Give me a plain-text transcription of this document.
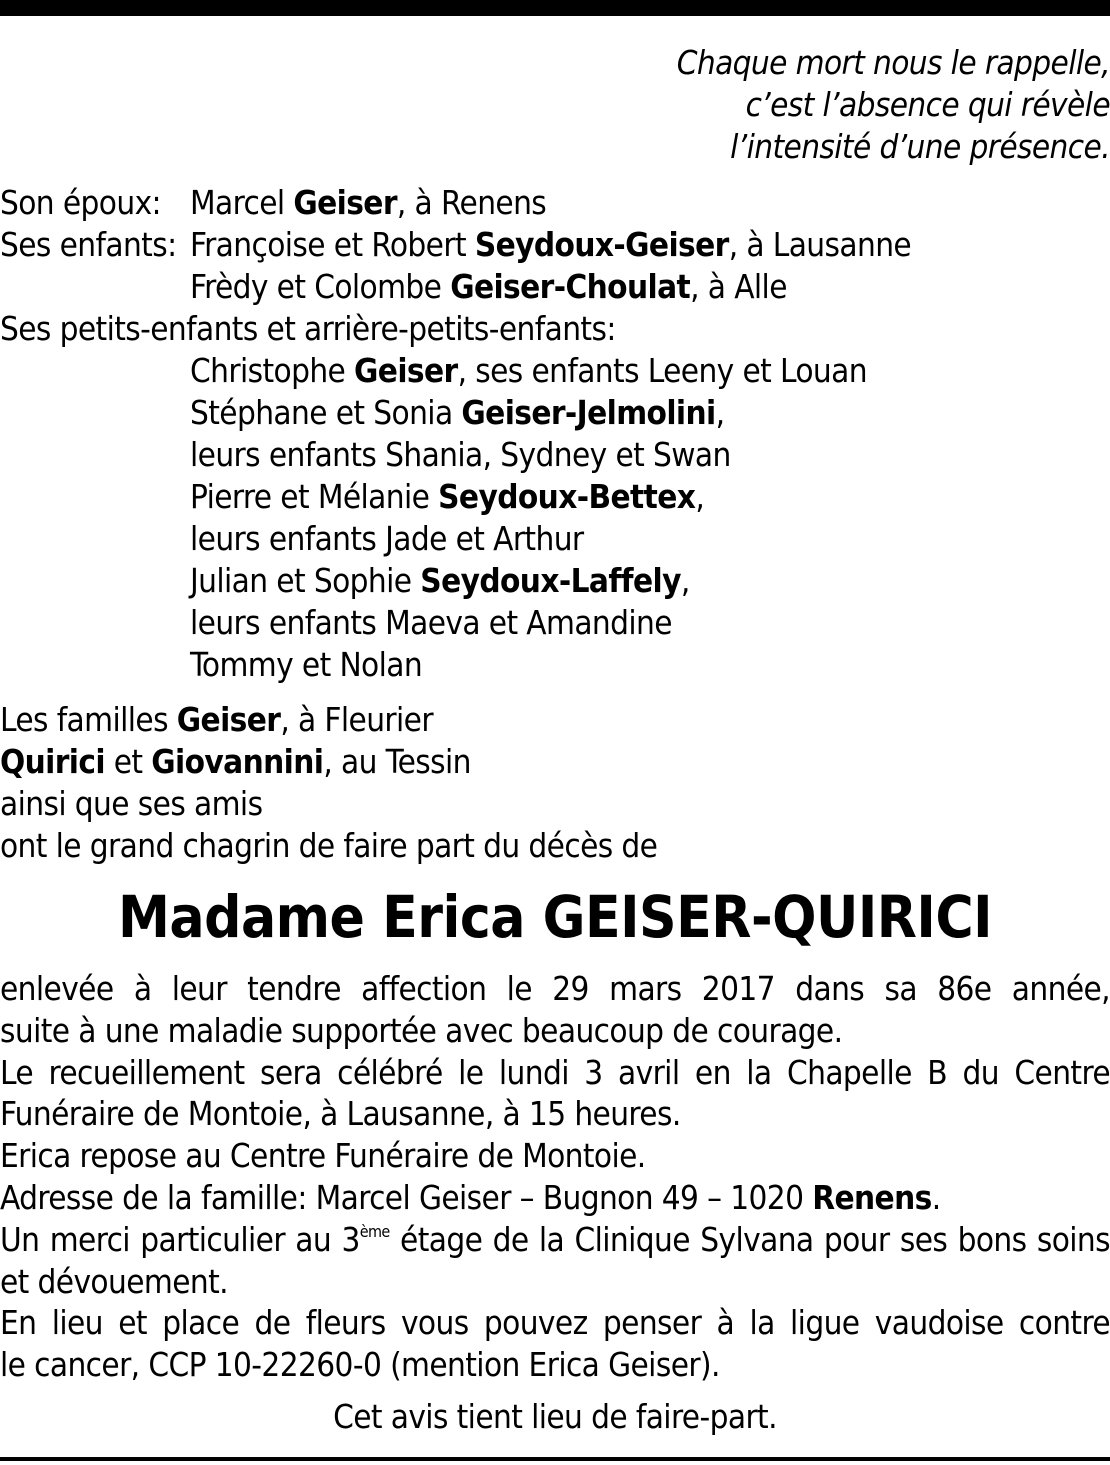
Chaque mort nous le rappelle,
c’est l’absence qui révèle
l’intensité d’une présence.
Son époux: Marcel Geiser, à Renens
Ses enfants: Françoise et Robert Seydoux-Geiser, à Lausanne
Frèdy et Colombe Geiser-Choulat, à Alle
Ses petits-enfants et arrière-petits-enfants:
Christophe Geiser, ses enfants Leeny et Louan
Stéphane et Sonia Geiser-Jelmolini,
leurs enfants Shania, Sydney et Swan
Pierre et Mélanie Seydoux-Bettex,
leurs enfants Jade et Arthur
Julian et Sophie Seydoux-Laffely,
leurs enfants Maeva et Amandine
Tommy et Nolan
Les familles Geiser, à Fleurier
Quirici et Giovannini, au Tessin
ainsi que ses amis
ont le grand chagrin de faire part du décès de
Madame Erica GEISER-QUIRICI
enlevée à leur tendre affection le 29 mars 2017 dans sa 86e année,
suite à une maladie supportée avec beaucoup de courage.
Le recueillement sera célébré le lundi 3 avril en la Chapelle B du Centre
Funéraire de Montoie, à Lausanne, à 15 heures.
Erica repose au Centre Funéraire de Montoie.
Adresse de la famille: Marcel Geiser – Bugnon 49 – 1020 Renens.
Un merci particulier au 3ème étage de la Clinique Sylvana pour ses bons soins
et dévouement.
En lieu et place de fleurs vous pouvez penser à la ligue vaudoise contre
le cancer, CCP 10-22260-0 (mention Erica Geiser).
Cet avis tient lieu de faire-part.
